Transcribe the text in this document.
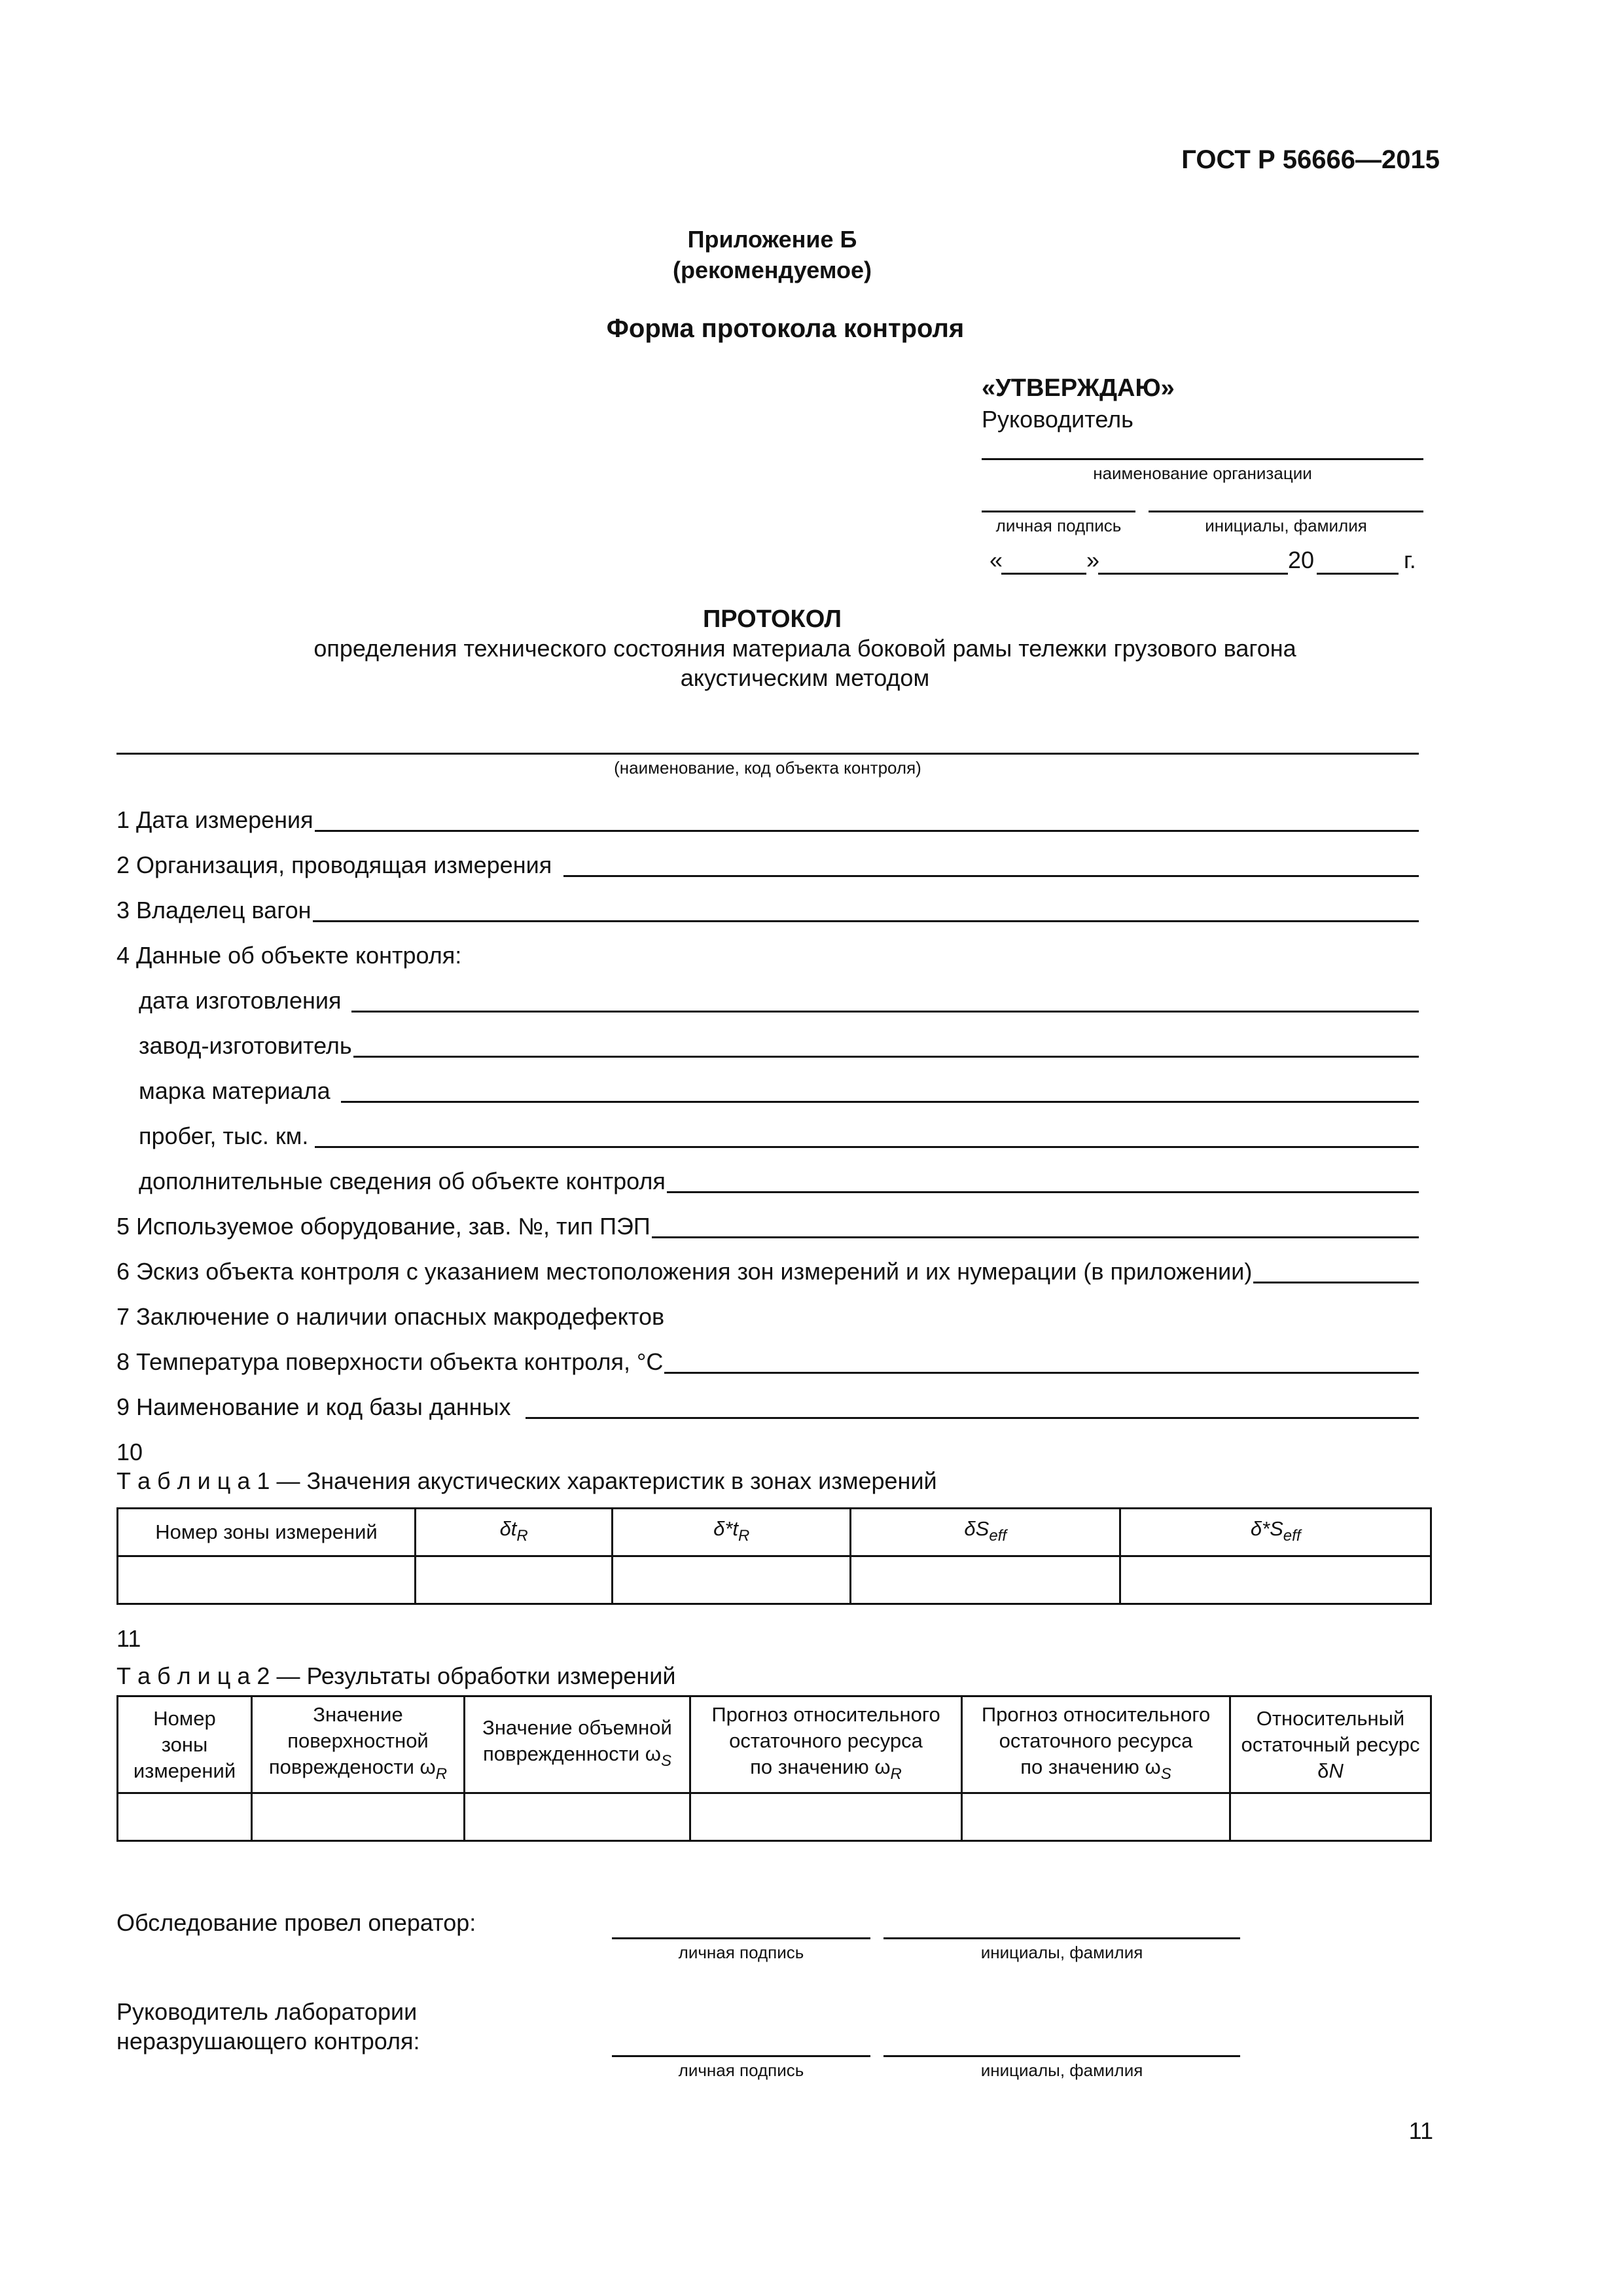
ГОСТ Р 56666—2015
Приложение Б
(рекомендуемое)
Форма протокола контроля
«УТВЕРЖДАЮ»
Руководитель
наименование организации
личная подпись	инициалы, фамилия
«	»	20	г.
ПРОТОКОЛ
определения технического состояния материала боковой рамы тележки грузового вагона
акустическим методом
(наименование, код объекта контроля)
1 Дата измерения
2 Организация, проводящая измерения
3 Владелец вагон
4 Данные об объекте контроля:
дата изготовления
завод-изготовитель
марка материала
пробег, тыс. км.
дополнительные сведения об объекте контроля
5 Используемое оборудование, зав. №, тип ПЭП
6 Эскиз объекта контроля с указанием местоположения зон измерений и их нумерации (в приложении)
7 Заключение о наличии опасных макродефектов
8 Температура поверхности объекта контроля, °С
9 Наименование и код базы данных
10
Т а б л и ц а 1 — Значения акустических характеристик в зонах измерений
Номер зоны измерений	$\delta t_R$	$\delta*t_R$	$\delta S_{eff}$	$\delta*S_{eff}$

11
Т а б л и ц а 2 — Результаты обработки измерений
Номер
зоны
измерений	Значение
поверхностной
повреждености $\omega_R$	Значение объемной
поврежденности $\omega_S$	Прогноз относительного
остаточного ресурса
по значению $\omega_R$	Прогноз относительного
остаточного ресурса
по значению $\omega_S$	Относительный
остаточный ресурс
δN

Обследование провел оператор:
личная подпись	инициалы, фамилия
Руководитель лаборатории
неразрушающего контроля:
личная подпись	инициалы, фамилия
11
